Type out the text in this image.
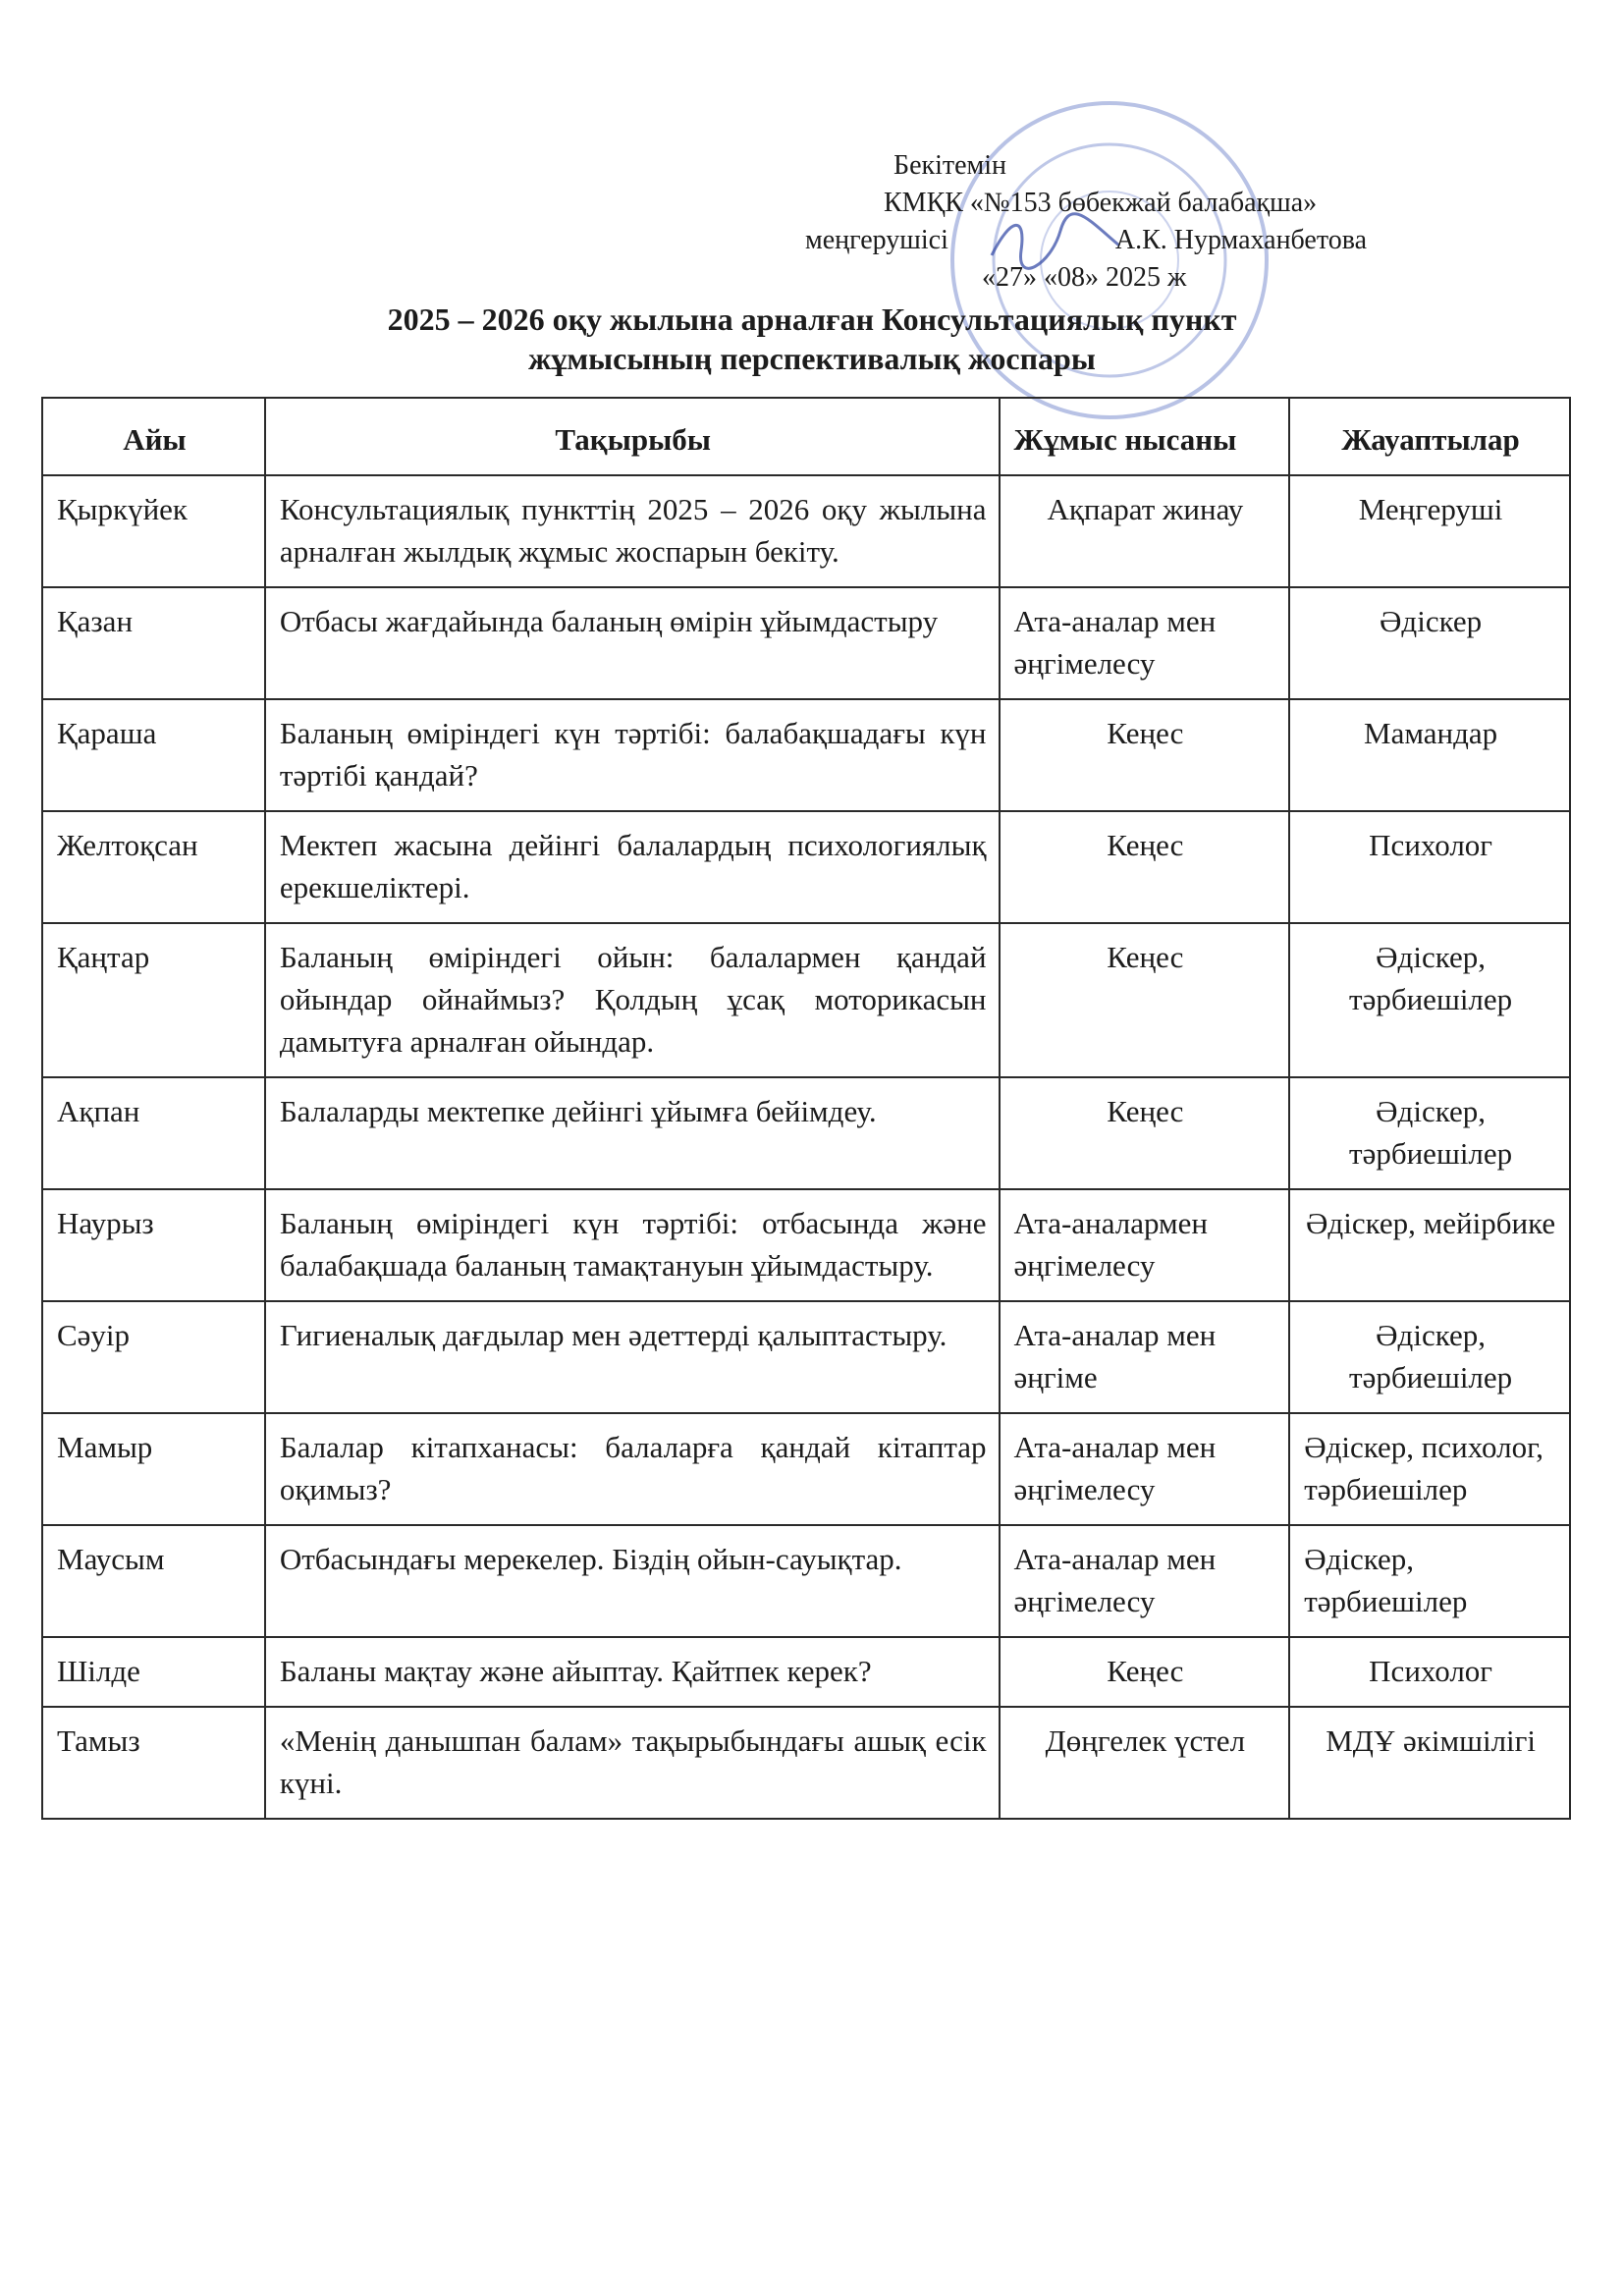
Бекітемін
КМҚК «№153 бөбекжай балабақша»
меңгерушісі	А.К. Нурмаханбетова
«27» «08» 2025 ж
2025 – 2026 оқу жылына арналған Консультациялық пункт
жұмысының перспективалық жоспары
Айы	Тақырыбы	Жұмыс нысаны	Жауаптылар
Қыркүйек	Консультациялық пункттің 2025 – 2026 оқу жылына арналған жылдық жұмыс жоспарын бекіту.	Ақпарат жинау	Меңгеруші
Қазан	Отбасы жағдайында баланың өмірін ұйымдастыру	Ата-аналар мен әңгімелесу	Әдіскер
Қараша	Баланың өміріндегі күн тәртібі: балабақшадағы күн тәртібі қандай?	Кеңес	Мамандар
Желтоқсан	Мектеп жасына дейінгі балалардың психологиялық ерекшеліктері.	Кеңес	Психолог
Қаңтар	Баланың өміріндегі ойын: балалармен қандай ойындар ойнаймыз? Қолдың ұсақ моторикасын дамытуға арналған ойындар.	Кеңес	Әдіскер, тәрбиешілер
Ақпан	Балаларды мектепке дейінгі ұйымға бейімдеу.	Кеңес	Әдіскер, тәрбиешілер
Наурыз	Баланың өміріндегі күн тәртібі: отбасында және балабақшада баланың тамақтануын ұйымдастыру.	Ата-аналармен әңгімелесу	Әдіскер, мейірбике
Сәуір	Гигиеналық дағдылар мен әдеттерді қалыптастыру.	Ата-аналар мен әңгіме	Әдіскер, тәрбиешілер
Мамыр	Балалар кітапханасы: балаларға қандай кітаптар оқимыз?	Ата-аналар мен әңгімелесу	Әдіскер, психолог, тәрбиешілер
Маусым	Отбасындағы мерекелер. Біздің ойын-сауықтар.	Ата-аналар мен әңгімелесу	Әдіскер, тәрбиешілер
Шілде	Баланы мақтау және айыптау. Қайтпек керек?	Кеңес	Психолог
Тамыз	«Менің данышпан балам» тақырыбындағы ашық есік күні.	Дөңгелек үстел	МДҰ әкімшілігі
